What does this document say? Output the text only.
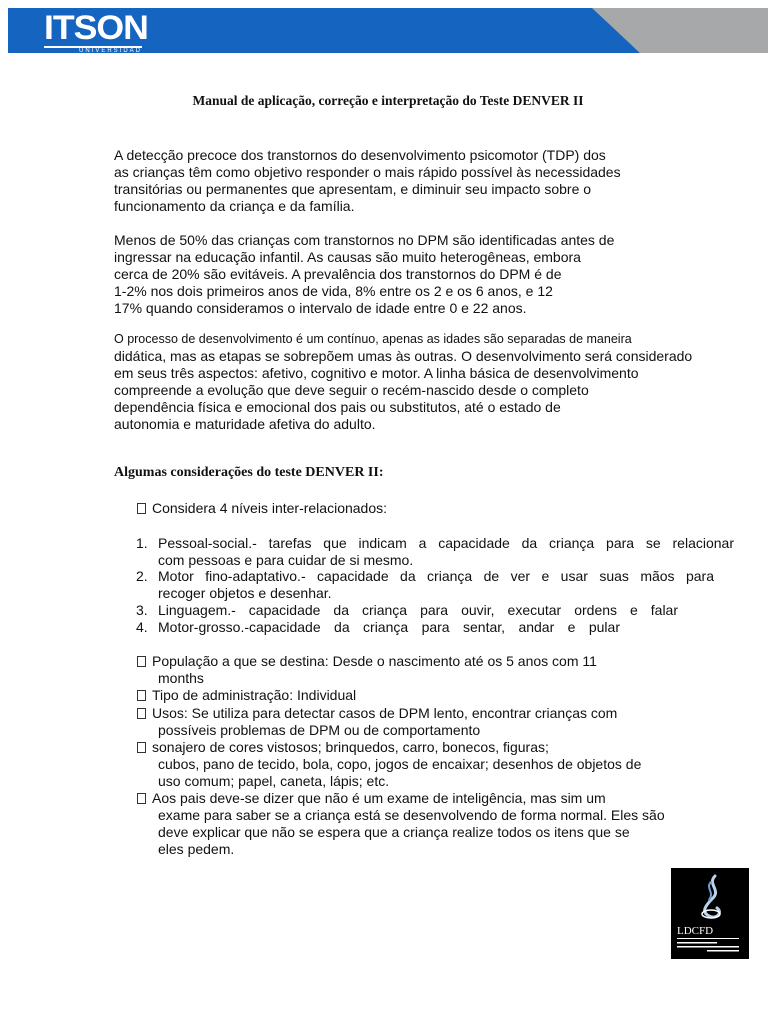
ITSON
UNIVERSIDAD
Manual de aplicação, correção e interpretação do Teste DENVER II
A detecção precoce dos transtornos do desenvolvimento psicomotor (TDP) dos
as crianças têm como objetivo responder o mais rápido possível às necessidades
transitórias ou permanentes que apresentam, e diminuir seu impacto sobre o
funcionamento da criança e da família.
Menos de 50% das crianças com transtornos no DPM são identificadas antes de
ingressar na educação infantil. As causas são muito heterogêneas, embora
cerca de 20% são evitáveis. A prevalência dos transtornos do DPM é de
1-2% nos dois primeiros anos de vida, 8% entre os 2 e os 6 anos, e 12
17% quando consideramos o intervalo de idade entre 0 e 22 anos.
O processo de desenvolvimento é um contínuo, apenas as idades são separadas de maneira
didática, mas as etapas se sobrepõem umas às outras. O desenvolvimento será considerado
em seus três aspectos: afetivo, cognitivo e motor. A linha básica de desenvolvimento
compreende a evolução que deve seguir o recém-nascido desde o completo
dependência física e emocional dos pais ou substitutos, até o estado de
autonomia e maturidade afetiva do adulto.
Algumas considerações do teste DENVER II:
Considera 4 níveis inter-relacionados:
1. Pessoal-social.- tarefas que indicam a capacidade da criança para se relacionar
com pessoas e para cuidar de si mesmo.
2. Motor fino-adaptativo.- capacidade da criança de ver e usar suas mãos para
recoger objetos e desenhar.
3. Linguagem.- capacidade da criança para ouvir, executar ordens e falar
4. Motor-grosso.-capacidade da criança para sentar, andar e pular
População a que se destina: Desde o nascimento até os 5 anos com 11
months
Tipo de administração: Individual
Usos: Se utiliza para detectar casos de DPM lento, encontrar crianças com
possíveis problemas de DPM ou de comportamento
sonajero de cores vistosos; brinquedos, carro, bonecos, figuras;
cubos, pano de tecido, bola, copo, jogos de encaixar; desenhos de objetos de
uso comum; papel, caneta, lápis; etc.
Aos pais deve-se dizer que não é um exame de inteligência, mas sim um
exame para saber se a criança está se desenvolvendo de forma normal. Eles são
deve explicar que não se espera que a criança realize todos os itens que se
eles pedem.
LDCFD
